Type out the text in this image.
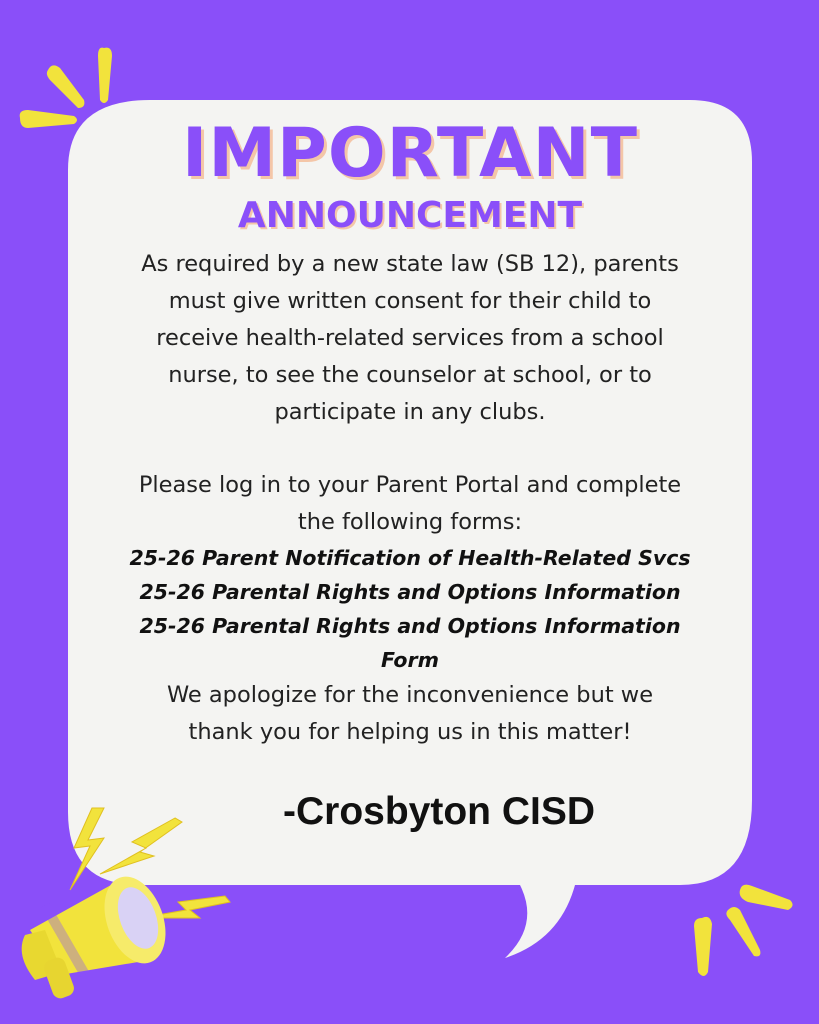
IMPORTANT
ANNOUNCEMENT

As required by a new state law (SB 12), parents

must give written consent for their child to

receive health-related services from a school

nurse, to see the counselor at school, or to

participate in any clubs.

Please log in to your Parent Portal and complete

the following forms:

25-26 Parent Notification of Health-Related Svcs
25-26 Parental Rights and Options Information
25-26 Parental Rights and Options Information
Form

We apologize for the inconvenience but we

thank you for helping us in this matter!

-Crosbyton CISD
